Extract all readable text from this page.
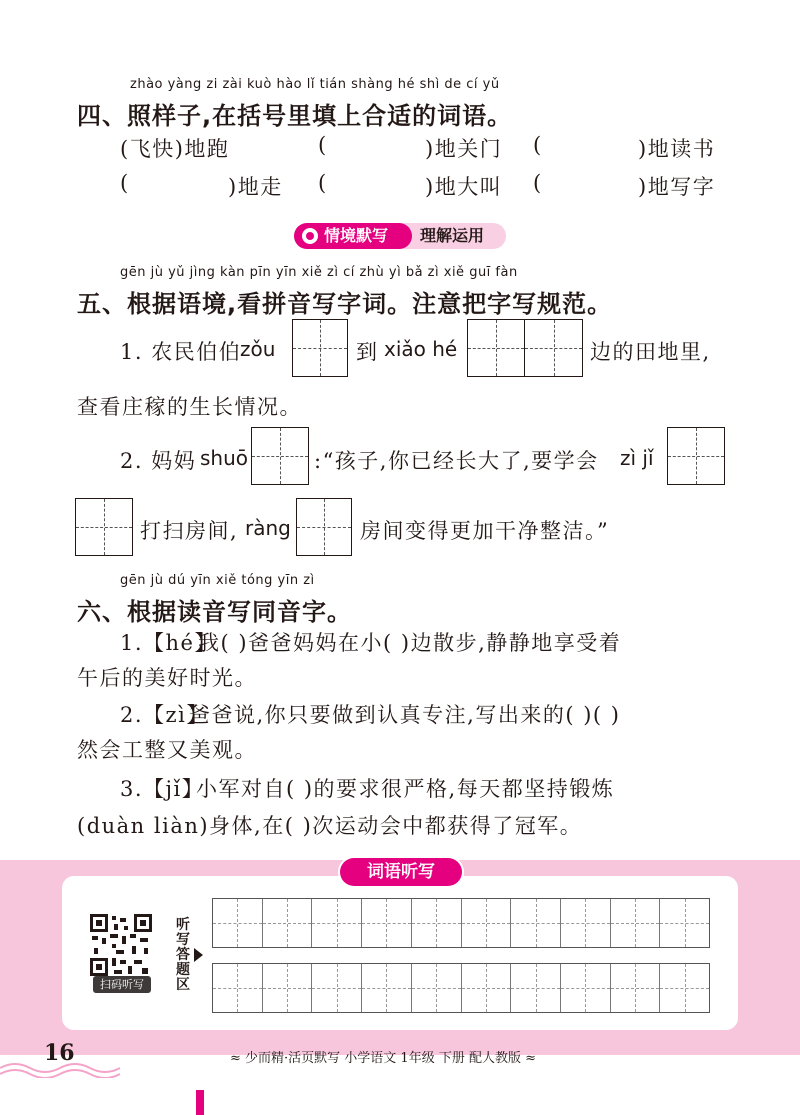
zhào yàng zi zài kuò hào lǐ tián shàng hé shì de cí yǔ
四、照样子,在括号里填上合适的词语。
(飞快)地跑	(	)地关门 (	)地读书
(	)地走 (	)地大叫 (	)地写字
情境默写 理解运用
gēn jù yǔ jìng kàn pīn yīn xiě zì cí zhù yì bǎ zì xiě guī fàn
五、根据语境,看拼音写字词。注意把字写规范。
1. 农民伯伯
zǒu	到 xiǎo hé	边的田地里,
查看庄稼的生长情况。
2. 妈妈 shuō	:“孩子,你已经长大了,要学会 zì jǐ
打扫房间, ràng	房间变得更加干净整洁。”
gēn jù dú yīn xiě tóng yīn zì
六、根据读音写同音字。
1.【hé】
我( )爸爸妈妈在小( )边散步,静静地享受着
午后的美好时光。
2.【zì】
爸爸说,你只要做到认真专注,写出来的( )( )
然会工整又美观。
3.【jǐ】
小军对自( )的要求很严格,每天都坚持锻炼
(duàn liàn)身体,在( )次运动会中都获得了冠军。
词语听写
扫码听写
听写答题区
16	≈ 少而精·活页默写 小学语文 1年级 下册 配人教版 ≈
